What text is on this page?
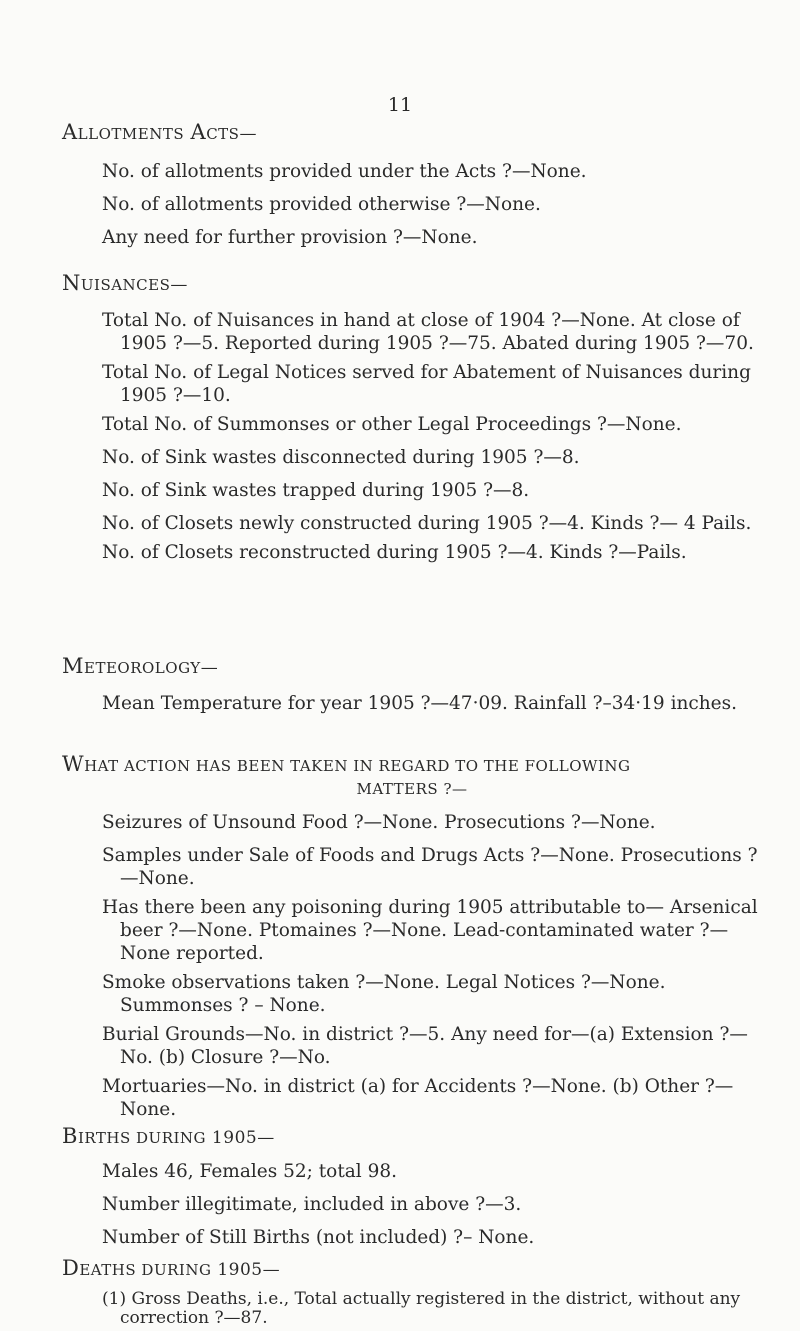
11
ALLOTMENTS ACTS—
No. of allotments provided under the Acts ?—None.
No. of allotments provided otherwise ?—None.
Any need for further provision ?—None.
NUISANCES—
Total No. of Nuisances in hand at close of 1904 ?—None. At close of 1905 ?—5. Reported during 1905 ?—75. Abated during 1905 ?—70.
Total No. of Legal Notices served for Abatement of Nuisances during 1905 ?—10.
Total No. of Summonses or other Legal Proceedings ?—None.
No. of Sink wastes disconnected during 1905 ?—8.
No. of Sink wastes trapped during 1905 ?—8.
No. of Closets newly constructed during 1905 ?—4. Kinds ?— 4 Pails.
No. of Closets reconstructed during 1905 ?—4. Kinds ?—Pails.
METEOROLOGY—
Mean Temperature for year 1905 ?—47·09. Rainfall ?–34·19 inches.
WHAT ACTION HAS BEEN TAKEN IN REGARD TO THE FOLLOWING
MATTERS ?—
Seizures of Unsound Food ?—None. Prosecutions ?—None.
Samples under Sale of Foods and Drugs Acts ?—None. Prosecutions ?—None.
Has there been any poisoning during 1905 attributable to— Arsenical beer ?—None. Ptomaines ?—None. Lead-contaminated water ?—None reported.
Smoke observations taken ?—None. Legal Notices ?—None. Summonses ? – None.
Burial Grounds—No. in district ?—5. Any need for—(a) Extension ?—No. (b) Closure ?—No.
Mortuaries—No. in district (a) for Accidents ?—None. (b) Other ?—None.
BIRTHS DURING 1905—
Males 46, Females 52; total 98.
Number illegitimate, included in above ?—3.
Number of Still Births (not included) ?– None.
DEATHS DURING 1905—
(1) Gross Deaths, i.e., Total actually registered in the district, without any correction ?—87.
